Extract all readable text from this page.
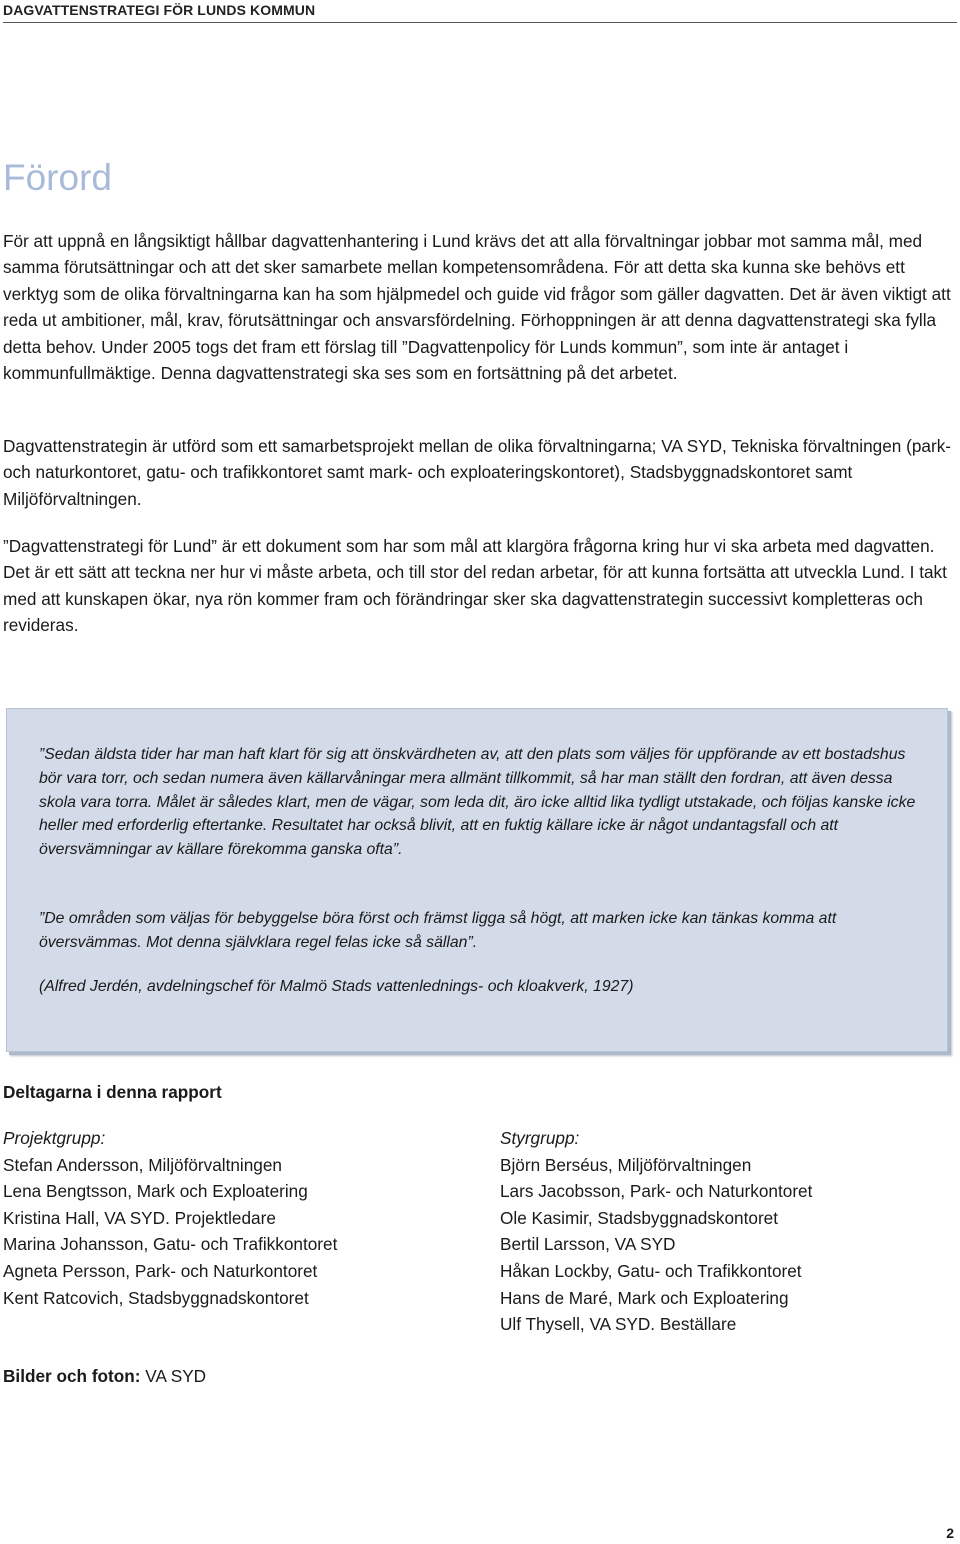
DAGVATTENSTRATEGI FÖR LUNDS KOMMUN
Förord

För att uppnå en långsiktigt hållbar dagvattenhantering i Lund krävs det att alla förvaltningar jobbar mot samma mål, med samma förutsättningar och att det sker samarbete mellan kompetensområdena. För att detta ska kunna ske behövs ett verktyg som de olika förvaltningarna kan ha som hjälpmedel och guide vid frågor som gäller dagvatten. Det är även viktigt att reda ut ambitioner, mål, krav, förutsättningar och ansvarsfördelning. Förhoppningen är att denna dagvattenstrategi ska fylla detta behov. Under 2005 togs det fram ett förslag till ”Dagvattenpolicy för Lunds kommun”, som inte är antaget i kommunfullmäktige. Denna dagvattenstrategi ska ses som en fortsättning på det arbetet.

Dagvattenstrategin är utförd som ett samarbetsprojekt mellan de olika förvaltningarna; VA SYD, Tekniska förvaltningen (park- och naturkontoret, gatu- och trafikkontoret samt mark- och exploateringskontoret), Stadsbyggnadskontoret samt Miljöförvaltningen.

”Dagvattenstrategi för Lund” är ett dokument som har som mål att klargöra frågorna kring hur vi ska arbeta med dagvatten. Det är ett sätt att teckna ner hur vi måste arbeta, och till stor del redan arbetar, för att kunna fortsätta att utveckla Lund. I takt med att kunskapen ökar, nya rön kommer fram och förändringar sker ska dagvattenstrategin successivt kompletteras och revideras.

”Sedan äldsta tider har man haft klart för sig att önskvärdheten av, att den plats som väljes för uppförande av ett bostadshus bör vara torr, och sedan numera även källarvåningar mera allmänt tillkommit, så har man ställt den fordran, att även dessa skola vara torra. Målet är således klart, men de vägar, som leda dit, äro icke alltid lika tydligt utstakade, och följas kanske icke heller med erforderlig eftertanke. Resultatet har också blivit, att en fuktig källare icke är något undantagsfall och att översvämningar av källare förekomma ganska ofta”.

”De områden som väljas för bebyggelse böra först och främst ligga så högt, att marken icke kan tänkas komma att översvämmas. Mot denna självklara regel felas icke så sällan”.

(Alfred Jerdén, avdelningschef för Malmö Stads vattenlednings- och kloakverk, 1927)

Deltagarna i denna rapport
Projektgrupp:
Stefan Andersson, Miljöförvaltningen
Lena Bengtsson, Mark och Exploatering
Kristina Hall, VA SYD. Projektledare
Marina Johansson, Gatu- och Trafikkontoret
Agneta Persson, Park- och Naturkontoret
Kent Ratcovich, Stadsbyggnadskontoret
Styrgrupp:
Björn Berséus, Miljöförvaltningen
Lars Jacobsson, Park- och Naturkontoret
Ole Kasimir, Stadsbyggnadskontoret
Bertil Larsson, VA SYD
Håkan Lockby, Gatu- och Trafikkontoret
Hans de Maré, Mark och Exploatering
Ulf Thysell, VA SYD. Beställare

Bilder och foton: VA SYD

2
